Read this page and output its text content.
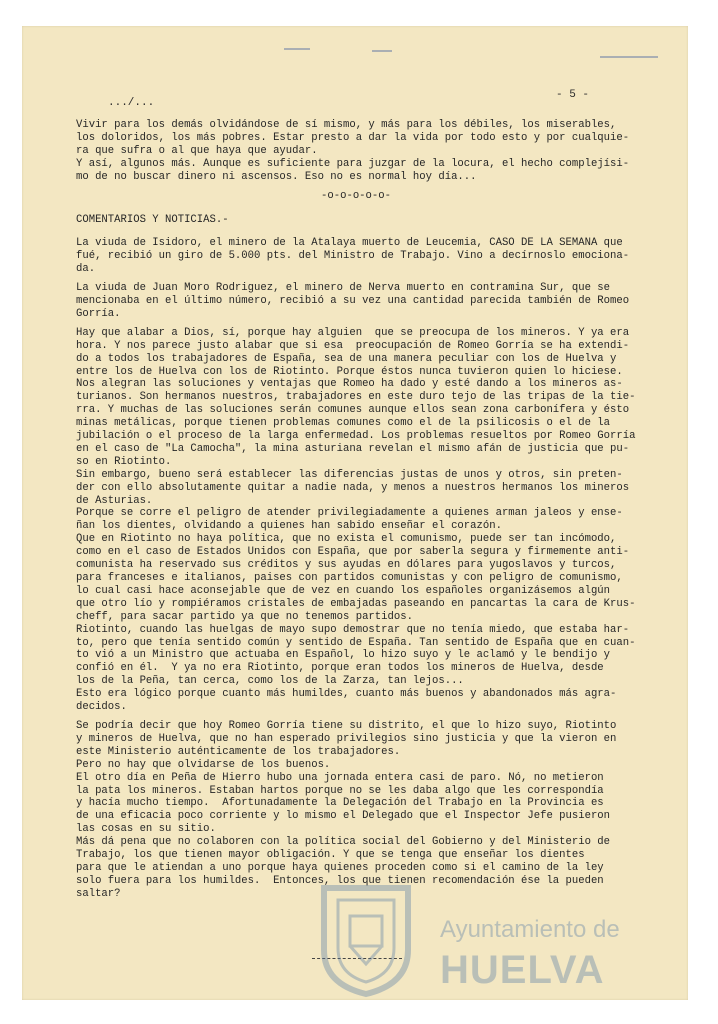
.../...
- 5 -

Vivir para los demás olvidándose de sí mismo, y más para los débiles, los miserables,
los doloridos, los más pobres. Estar presto a dar la vida por todo esto y por cualquie-
ra que sufra o al que haya que ayudar.
Y así, algunos más. Aunque es suficiente para juzgar de la locura, el hecho complejísi-
mo de no buscar dinero ni ascensos. Eso no es normal hoy día...

-o-o-o-o-o-
COMENTARIOS Y NOTICIAS.-

La viuda de Isidoro, el minero de la Atalaya muerto de Leucemia, CASO DE LA SEMANA que
fué, recibió un giro de 5.000 pts. del Ministro de Trabajo. Vino a decírnoslo emociona-
da.

La viuda de Juan Moro Rodriguez, el minero de Nerva muerto en contramina Sur, que se
mencionaba en el último número, recibió a su vez una cantidad parecida también de Romeo
Gorría.

Hay que alabar a Dios, sí, porque hay alguien  que se preocupa de los mineros. Y ya era
hora. Y nos parece justo alabar que si esa  preocupación de Romeo Gorría se ha extendi-
do a todos los trabajadores de España, sea de una manera peculiar con los de Huelva y
entre los de Huelva con los de Riotinto. Porque éstos nunca tuvieron quien lo hiciese.
Nos alegran las soluciones y ventajas que Romeo ha dado y esté dando a los mineros as-
turianos. Son hermanos nuestros, trabajadores en este duro tejo de las tripas de la tie-
rra. Y muchas de las soluciones serán comunes aunque ellos sean zona carbonífera y ésto
minas metálicas, porque tienen problemas comunes como el de la psilicosis o el de la
jubilación o el proceso de la larga enfermedad. Los problemas resueltos por Romeo Gorría
en el caso de "La Camocha", la mina asturiana revelan el mismo afán de justicia que pu-
so en Riotinto.
Sin embargo, bueno será establecer las diferencias justas de unos y otros, sin preten-
der con ello absolutamente quitar a nadie nada, y menos a nuestros hermanos los mineros
de Asturias.
Porque se corre el peligro de atender privilegiadamente a quienes arman jaleos y ense-
ñan los dientes, olvidando a quienes han sabido enseñar el corazón.
Que en Riotinto no haya política, que no exista el comunismo, puede ser tan incómodo,
como en el caso de Estados Unidos con España, que por saberla segura y firmemente anti-
comunista ha reservado sus créditos y sus ayudas en dólares para yugoslavos y turcos,
para franceses e italianos, paises con partidos comunistas y con peligro de comunismo,
lo cual casi hace aconsejable que de vez en cuando los españoles organizásemos algún
que otro lío y rompiéramos cristales de embajadas paseando en pancartas la cara de Krus-
cheff, para sacar partido ya que no tenemos partidos.
Riotinto, cuando las huelgas de mayo supo demostrar que no tenía miedo, que estaba har-
to, pero que tenía sentido común y sentido de España. Tan sentido de España que en cuan-
to vió a un Ministro que actuaba en Español, lo hizo suyo y le aclamó y le bendijo y
confió en él.  Y ya no era Riotinto, porque eran todos los mineros de Huelva, desde
los de la Peña, tan cerca, como los de la Zarza, tan lejos...
Esto era lógico porque cuanto más humildes, cuanto más buenos y abandonados más agra-
decidos.

Se podría decir que hoy Romeo Gorría tiene su distrito, el que lo hizo suyo, Riotinto
y mineros de Huelva, que no han esperado privilegios sino justicia y que la vieron en
este Ministerio auténticamente de los trabajadores.
Pero no hay que olvidarse de los buenos.
El otro día en Peña de Hierro hubo una jornada entera casi de paro. Nó, no metieron
la pata los mineros. Estaban hartos porque no se les daba algo que les correspondía
y hacía mucho tiempo.  Afortunadamente la Delegación del Trabajo en la Provincia es
de una eficacia poco corriente y lo mismo el Delegado que el Inspector Jefe pusieron
las cosas en su sitio.
Más dá pena que no colaboren con la política social del Gobierno y del Ministerio de
Trabajo, los que tienen mayor obligación. Y que se tenga que enseñar los dientes
para que le atiendan a uno porque haya quienes proceden como si el camino de la ley
solo fuera para los humildes.  Entonces, los que tienen recomendación ése la pueden
saltar?

Ayuntamiento de
HUELVA
